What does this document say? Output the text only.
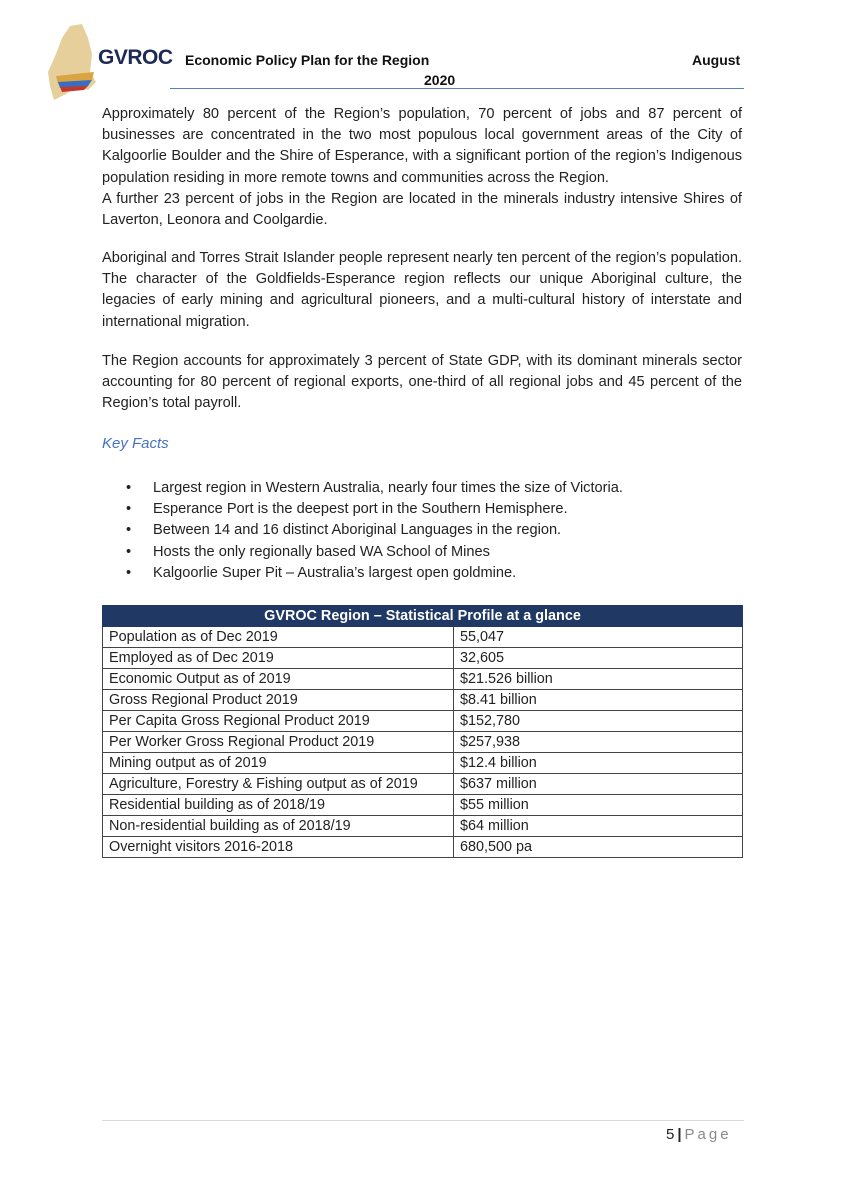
GVROC Economic Policy Plan for the Region	August
2020
Approximately 80 percent of the Region’s population, 70 percent of jobs and 87 percent of businesses are concentrated in the two most populous local government areas of the City of Kalgoorlie Boulder and the Shire of Esperance, with a significant portion of the region’s Indigenous population residing in more remote towns and communities across the Region.
A further 23 percent of jobs in the Region are located in the minerals industry intensive Shires of Laverton, Leonora and Coolgardie.

Aboriginal and Torres Strait Islander people represent nearly ten percent of the region’s population. The character of the Goldfields-Esperance region reflects our unique Aboriginal culture, the legacies of early mining and agricultural pioneers, and a multi-cultural history of interstate and international migration.

The Region accounts for approximately 3 percent of State GDP, with its dominant minerals sector accounting for 80 percent of regional exports, one-third of all regional jobs and 45 percent of the Region’s total payroll.

Key Facts
• Largest region in Western Australia, nearly four times the size of Victoria.
• Esperance Port is the deepest port in the Southern Hemisphere.
• Between 14 and 16 distinct Aboriginal Languages in the region.
• Hosts the only regionally based WA School of Mines
• Kalgoorlie Super Pit – Australia’s largest open goldmine.
GVROC Region – Statistical Profile at a glance	
Population as of Dec 2019	55,047
Employed as of Dec 2019	32,605
Economic Output as of 2019	$21.526 billion
Gross Regional Product 2019	$8.41 billion
Per Capita Gross Regional Product 2019	$152,780
Per Worker Gross Regional Product 2019	$257,938
Mining output as of 2019	$12.4 billion
Agriculture, Forestry & Fishing output as of 2019	$637 million
Residential building as of 2018/19	$55 million
Non-residential building as of 2018/19	$64 million
Overnight visitors 2016-2018	680,500 pa
5 | Page
